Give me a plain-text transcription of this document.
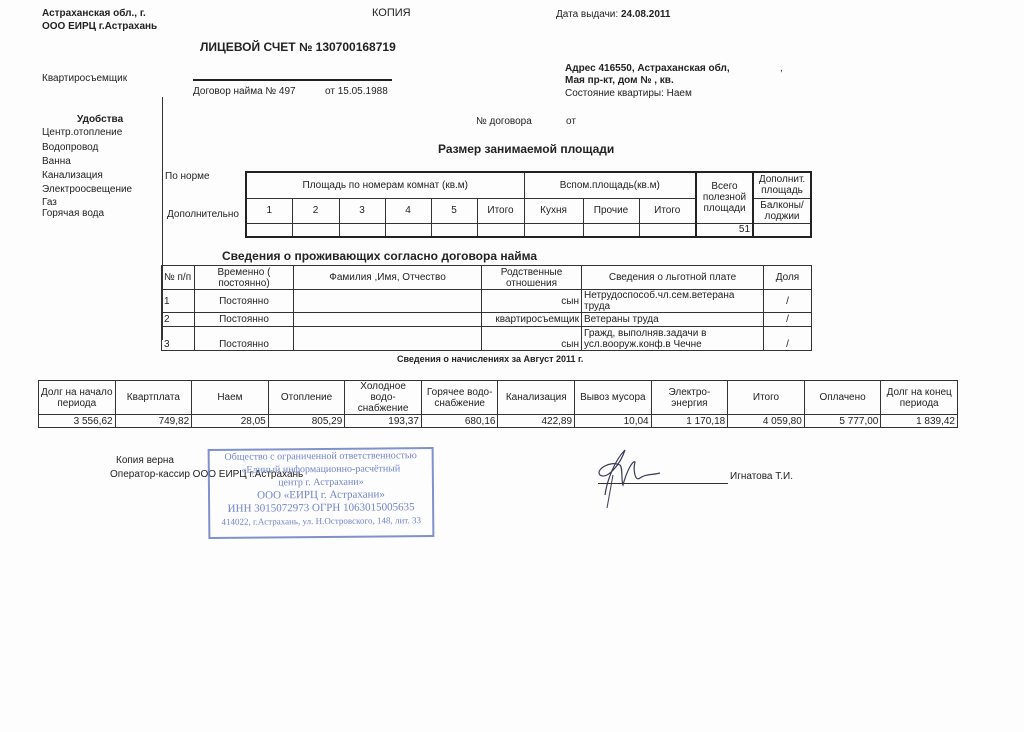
Астраханская обл., г.
ООО ЕИРЦ г.Астрахань
КОПИЯ	Дата выдачи: 24.08.2011
ЛИЦЕВОЙ СЧЕТ № 130700168719
Квартиросъемщик
Договор найма № 497	от 15.05.1988
Адрес 416550, Астраханская обл,	,
Мая пр-кт, дом № , кв.
Состояние квартиры: Наем
Удобства
Центр.отопление
Водопровод
Ванна
Канализация
Электроосвещение
Газ
Горячая вода
№ договора	от
Размер занимаемой площади
По норме
Дополнительно
Площадь по номерам комнат (кв.м)						Вспом.площадь(кв.м)			Всего полезной площади	Дополнит. площадь
1	2	3	4	5	Итого	Кухня	Прочие	Итого		Балконы/ лоджии
									51	
Сведения о проживающих согласно договора найма
№ п/п	Временно ( постоянно)	Фамилия ,Имя, Отчество	Родственные отношения	Сведения о льготной плате	Доля
1	Постоянно		сын	Нетрудоспособ.чл.сем.ветерана труда	/
2	Постоянно		квартиросъемщик	Ветераны труда	/
3	Постоянно		сын	Гражд, выполняв.задачи в усл.вооруж.конф.в Чечне	/
Сведения о начислениях за Август 2011 г.
Долг на начало периода	Квартплата	Наем	Отопление	Холодное водо-снабжение	Горячее водо-снабжение	Канализация	Вывоз мусора	Электро-энергия	Итого	Оплачено	Долг на конец периода
3 556,62	749,82	28,05	805,29	193,37	680,16	422,89	10,04	1 170,18	4 059,80	5 777,00	1 839,42
Копия верна
Оператор-кассир ООО ЕИРЦ г.Астрахань
Общество с ограниченной ответственностью
«Единый информационно-расчётный
центр г. Астрахани»
ООО «ЕИРЦ г. Астрахани»
ИНН 3015072973 ОГРН 1063015005635
414022, г.Астрахань, ул. Н.Островского, 148, лит. 33
Игнатова Т.И.
